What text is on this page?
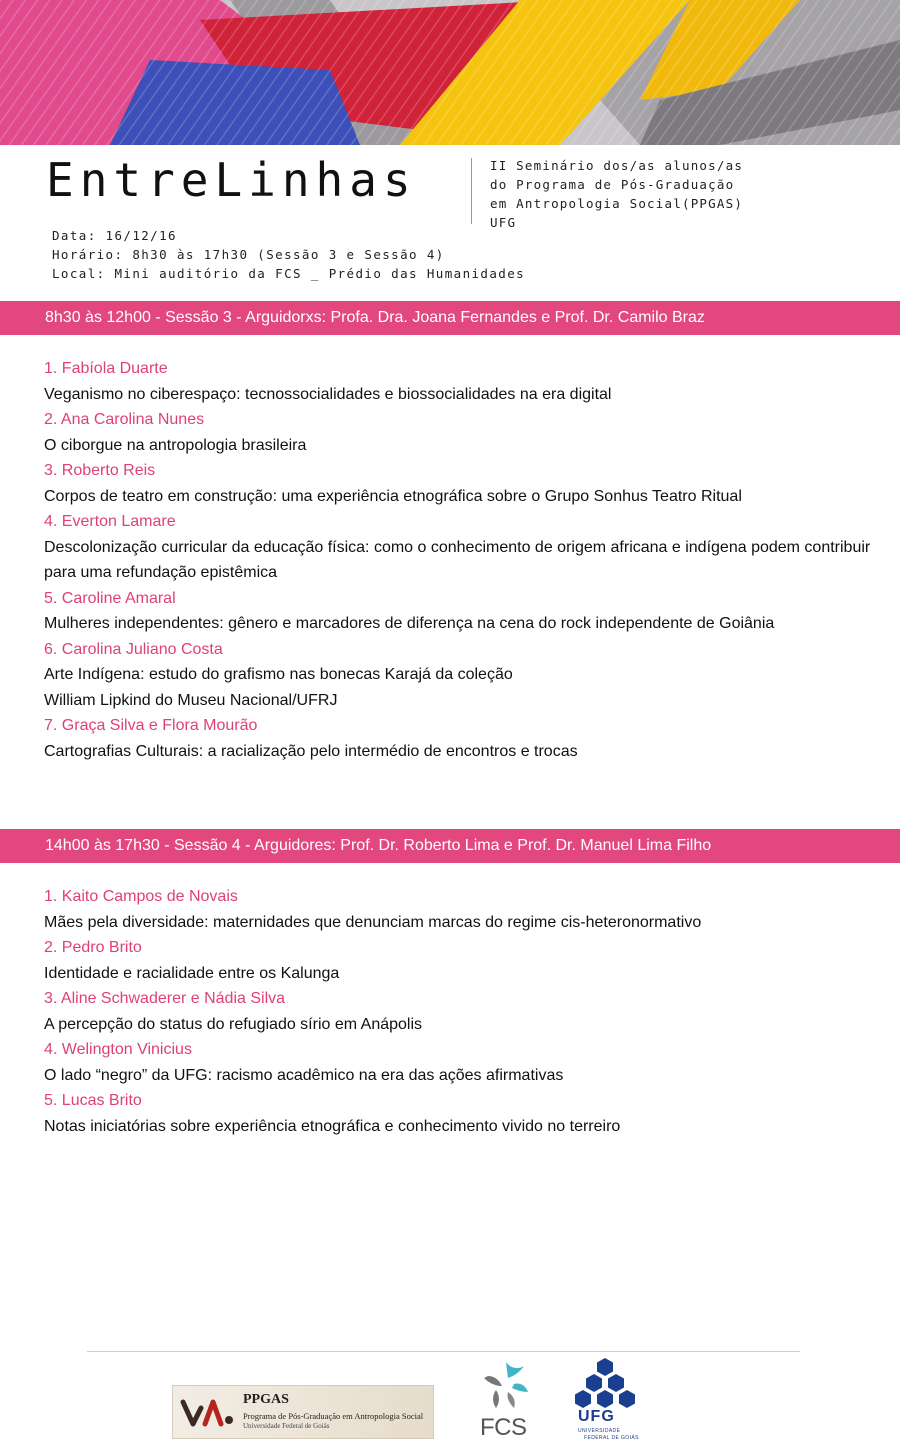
EntreLinhas	II Seminário dos/as alunos/as
do Programa de Pós-Graduação
em Antropologia Social(PPGAS)
UFG
Data: 16/12/16
Horário: 8h30 às 17h30 (Sessão 3 e Sessão 4)
Local: Mini auditório da FCS _ Prédio das Humanidades
8h30 às 12h00 - Sessão 3 - Arguidorxs: Profa. Dra. Joana Fernandes e Prof. Dr. Camilo Braz
1. Fabíola Duarte
Veganismo no ciberespaço: tecnossocialidades e biossocialidades na era digital
2. Ana Carolina Nunes
O ciborgue na antropologia brasileira
3. Roberto Reis
Corpos de teatro em construção: uma experiência etnográfica sobre o Grupo Sonhus Teatro Ritual
4. Everton Lamare
Descolonização curricular da educação física: como o conhecimento de origem africana e indígena podem contribuir para uma refundação epistêmica
5. Caroline Amaral
Mulheres independentes: gênero e marcadores de diferença na cena do rock independente de Goiânia
6. Carolina Juliano Costa
Arte Indígena: estudo do grafismo nas bonecas Karajá da coleção
William Lipkind do Museu Nacional/UFRJ
7. Graça Silva e Flora Mourão
Cartografias Culturais: a racialização pelo intermédio de encontros e trocas
14h00 às 17h30 - Sessão 4 - Arguidores: Prof. Dr. Roberto Lima e Prof. Dr. Manuel Lima Filho
1. Kaito Campos de Novais
Mães pela diversidade: maternidades que denunciam marcas do regime cis-heteronormativo
2. Pedro Brito
Identidade e racialidade entre os Kalunga
3. Aline Schwaderer e Nádia Silva
A percepção do status do refugiado sírio em Anápolis
4. Welington Vinicius
O lado “negro” da UFG: racismo acadêmico na era das ações afirmativas
5. Lucas Brito
Notas iniciatórias sobre experiência etnográfica e conhecimento vivido no terreiro
PPGAS
Programa de Pós-Graduação em Antropologia Social
Universidade Federal de Goiás	FCS	UFG
UNIVERSIDADE
FEDERAL DE GOIÁS
